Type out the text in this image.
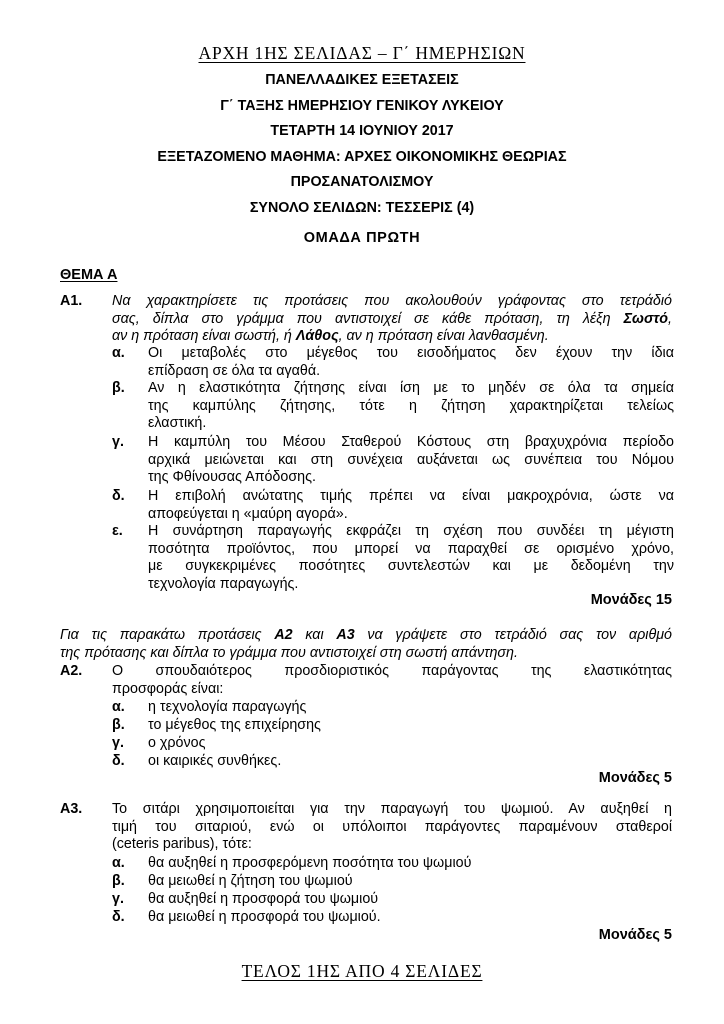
ΑΡΧΗ 1ΗΣ ΣΕΛΙΔΑΣ – Γ΄ ΗΜΕΡΗΣΙΩΝ
ΠΑΝΕΛΛΑΔΙΚΕΣ ΕΞΕΤΑΣΕΙΣ
Γ΄ ΤΑΞΗΣ ΗΜΕΡΗΣΙΟΥ ΓΕΝΙΚΟΥ ΛΥΚΕΙΟΥ
ΤΕΤΑΡΤΗ 14 ΙΟΥΝΙΟΥ 2017
ΕΞΕΤΑΖΟΜΕΝΟ ΜΑΘΗΜΑ: ΑΡΧΕΣ ΟΙΚΟΝΟΜΙΚΗΣ ΘΕΩΡΙΑΣ
ΠΡΟΣΑΝΑΤΟΛΙΣΜΟΥ
ΣΥΝΟΛΟ ΣΕΛΙΔΩΝ: ΤΕΣΣΕΡΙΣ (4)
ΟΜΑΔΑ ΠΡΩΤΗ
ΘΕΜΑ Α
Α1. Να χαρακτηρίσετε τις προτάσεις που ακολουθούν γράφοντας στο τετράδιό
σας, δίπλα στο γράμμα που αντιστοιχεί σε κάθε πρόταση, τη λέξη Σωστό,
αν η πρόταση είναι σωστή, ή Λάθος, αν η πρόταση είναι λανθασμένη.
α. Οι μεταβολές στο μέγεθος του εισοδήματος δεν έχουν την ίδια
επίδραση σε όλα τα αγαθά.
β. Αν η ελαστικότητα ζήτησης είναι ίση με το μηδέν σε όλα τα σημεία
της καμπύλης ζήτησης, τότε η ζήτηση χαρακτηρίζεται τελείως
ελαστική.
γ. Η καμπύλη του Μέσου Σταθερού Κόστους στη βραχυχρόνια περίοδο
αρχικά μειώνεται και στη συνέχεια αυξάνεται ως συνέπεια του Νόμου
της Φθίνουσας Απόδοσης.
δ. Η επιβολή ανώτατης τιμής πρέπει να είναι μακροχρόνια, ώστε να
αποφεύγεται η «μαύρη αγορά».
ε. Η συνάρτηση παραγωγής εκφράζει τη σχέση που συνδέει τη μέγιστη
ποσότητα προϊόντος, που μπορεί να παραχθεί σε ορισμένο χρόνο,
με συγκεκριμένες ποσότητες συντελεστών και με δεδομένη την
τεχνολογία παραγωγής.
Μονάδες 15
Για τις παρακάτω προτάσεις Α2 και Α3 να γράψετε στο τετράδιό σας τον αριθμό
της πρότασης και δίπλα το γράμμα που αντιστοιχεί στη σωστή απάντηση.
Α2. Ο σπουδαιότερος προσδιοριστικός παράγοντας της ελαστικότητας
προσφοράς είναι:
α. η τεχνολογία παραγωγής
β. το μέγεθος της επιχείρησης
γ. ο χρόνος
δ. οι καιρικές συνθήκες.
Μονάδες 5
Α3. Το σιτάρι χρησιμοποιείται για την παραγωγή του ψωμιού. Αν αυξηθεί η
τιμή του σιταριού, ενώ οι υπόλοιποι παράγοντες παραμένουν σταθεροί
(ceteris paribus), τότε:
α. θα αυξηθεί η προσφερόμενη ποσότητα του ψωμιού
β. θα μειωθεί η ζήτηση του ψωμιού
γ. θα αυξηθεί η προσφορά του ψωμιού
δ. θα μειωθεί η προσφορά του ψωμιού.
Μονάδες 5
ΤΕΛΟΣ 1ΗΣ ΑΠΟ 4 ΣΕΛΙΔΕΣ
